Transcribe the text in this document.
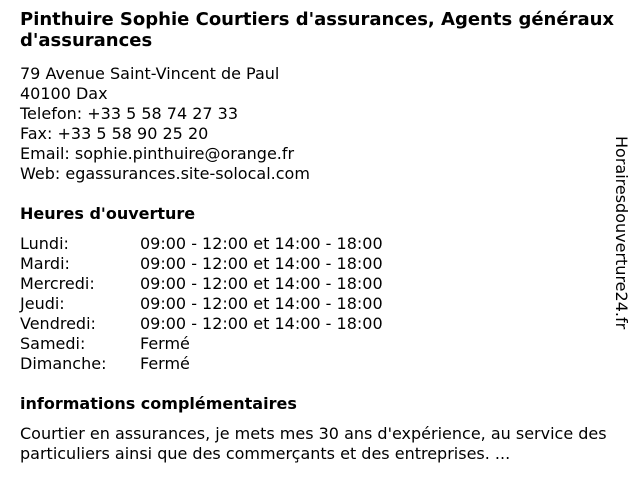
Pinthuire Sophie Courtiers d'assurances, Agents généraux d'assurances
79 Avenue Saint-Vincent de Paul
40100 Dax
Telefon: +33 5 58 74 27 33
Fax: +33 5 58 90 25 20
Email: sophie.pinthuire@orange.fr
Web: egassurances.site-solocal.com
Heures d'ouverture
Lundi:	09:00 - 12:00 et 14:00 - 18:00
Mardi:	09:00 - 12:00 et 14:00 - 18:00
Mercredi:	09:00 - 12:00 et 14:00 - 18:00
Jeudi:	09:00 - 12:00 et 14:00 - 18:00
Vendredi:	09:00 - 12:00 et 14:00 - 18:00
Samedi:	Fermé
Dimanche:	Fermé
informations complémentaires
Courtier en assurances, je mets mes 30 ans d'expérience, au service des particuliers ainsi que des commerçants et des entreprises. ...
Horairesdouverture24.fr
